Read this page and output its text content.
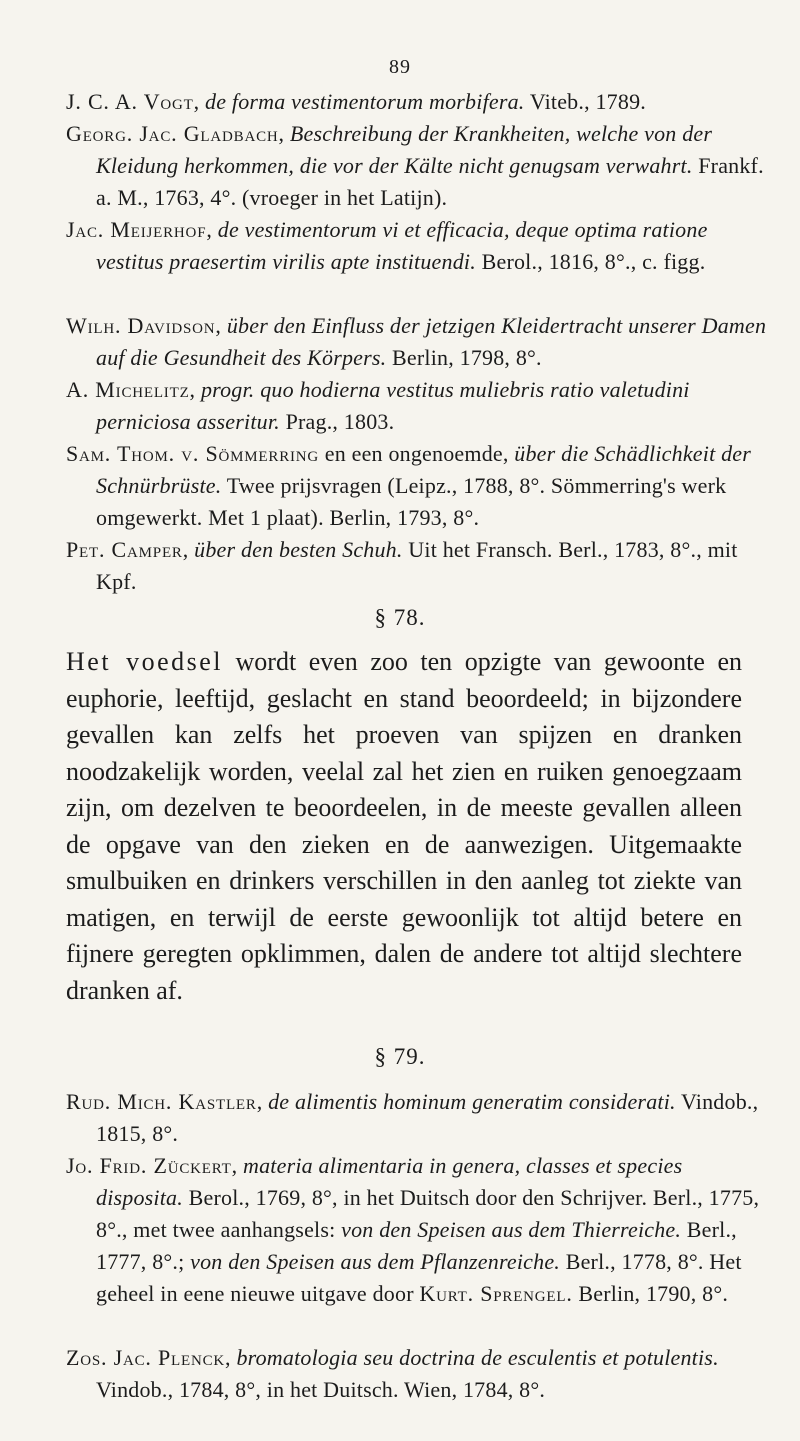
89

J. C. A. Vogt, de forma vestimentorum morbifera. Viteb., 1789.

Georg. Jac. Gladbach, Beschreibung der Krankheiten, welche von der Kleidung herkommen, die vor der Kälte nicht genugsam verwahrt. Frankf. a. M., 1763, 4°. (vroeger in het Latijn).

Jac. Meijerhof, de vestimentorum vi et efficacia, deque optima ratione vestitus praesertim virilis apte instituendi. Berol., 1816, 8°., c. figg.

Wilh. Davidson, über den Einfluss der jetzigen Kleidertracht unserer Damen auf die Gesundheit des Körpers. Berlin, 1798, 8°.

A. Michelitz, progr. quo hodierna vestitus muliebris ratio valetudini perniciosa asseritur. Prag., 1803.

Sam. Thom. v. Sömmerring en een ongenoemde, über die Schädlichkeit der Schnürbrüste. Twee prijsvragen (Leipz., 1788, 8°. Sömmerring's werk omgewerkt. Met 1 plaat). Berlin, 1793, 8°.

Pet. Camper, über den besten Schuh. Uit het Fransch. Berl., 1783, 8°., mit Kpf.

§ 78.

Het voedsel wordt even zoo ten opzigte van gewoonte en euphorie, leeftijd, geslacht en stand beoordeeld; in bijzondere gevallen kan zelfs het proeven van spijzen en dranken noodzakelijk worden, veelal zal het zien en ruiken genoegzaam zijn, om dezelven te beoordeelen, in de meeste gevallen alleen de opgave van den zieken en de aanwezigen. Uitgemaakte smulbuiken en drinkers verschillen in den aanleg tot ziekte van matigen, en terwijl de eerste gewoonlijk tot altijd betere en fijnere geregten opklimmen, dalen de andere tot altijd slechtere dranken af.

§ 79.

Rud. Mich. Kastler, de alimentis hominum generatim considerati. Vindob., 1815, 8°.

Jo. Frid. Zückert, materia alimentaria in genera, classes et species disposita. Berol., 1769, 8°, in het Duitsch door den Schrijver. Berl., 1775, 8°., met twee aanhangsels: von den Speisen aus dem Thierreiche. Berl., 1777, 8°.; von den Speisen aus dem Pflanzenreiche. Berl., 1778, 8°. Het geheel in eene nieuwe uitgave door Kurt. Sprengel. Berlin, 1790, 8°.

Zos. Jac. Plenck, bromatologia seu doctrina de esculentis et potulentis. Vindob., 1784, 8°, in het Duitsch. Wien, 1784, 8°.
